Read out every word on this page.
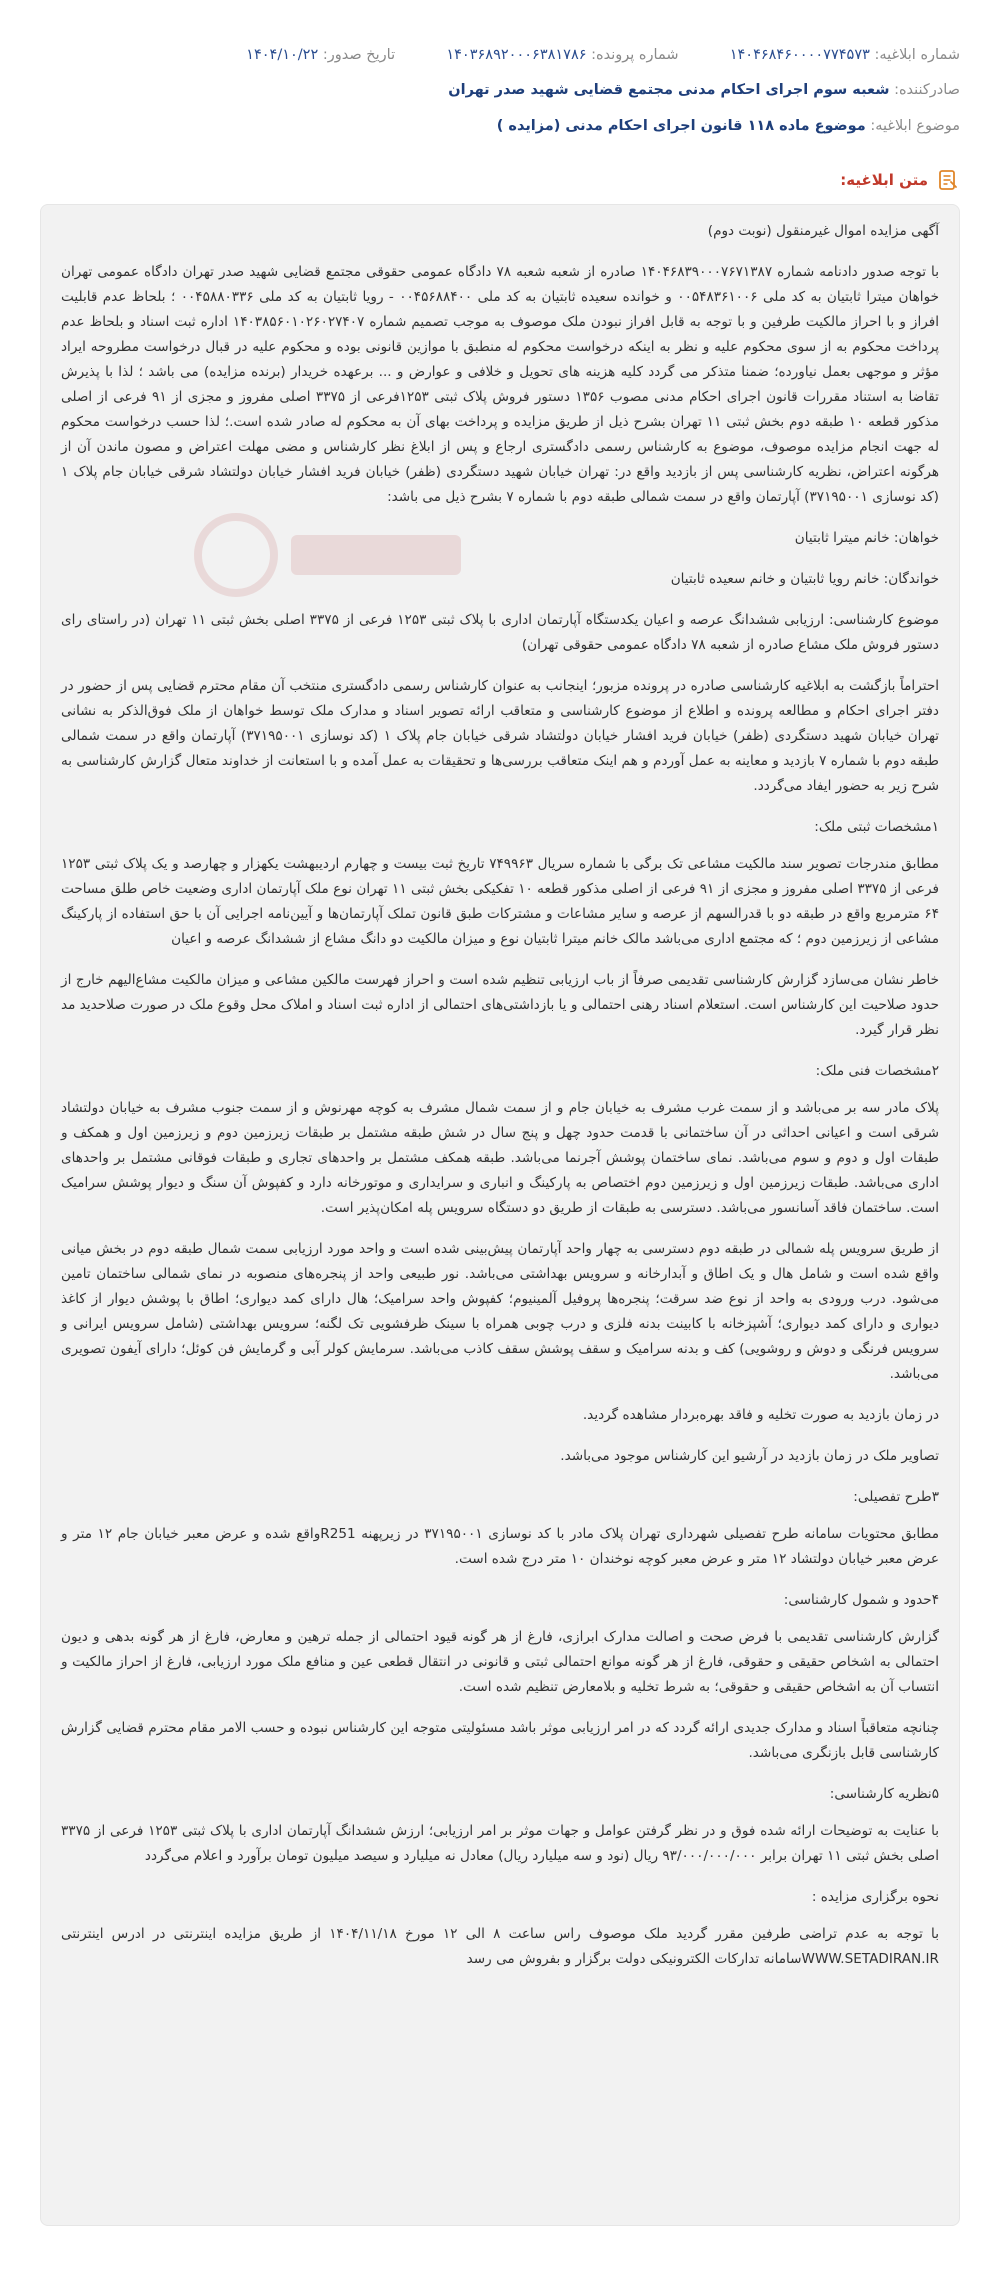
شماره ابلاغیه: ۱۴۰۴۶۸۴۶۰۰۰۰۷۷۴۵۷۳  شماره پرونده: ۱۴۰۳۶۸۹۲۰۰۰۶۳۸۱۷۸۶  تاریخ صدور: ۱۴۰۴/۱۰/۲۲
صادرکننده: شعبه سوم اجرای احکام مدنی مجتمع قضایی شهید صدر تهران
موضوع ابلاغیه: موضوع ماده ۱۱۸ قانون اجرای احکام مدنی (مزایده )
متن ابلاغیه:

آگهی مزایده اموال غیرمنقول (نوبت دوم)

با توجه صدور دادنامه شماره ۱۴۰۴۶۸۳۹۰۰۰۷۶۷۱۳۸۷ صادره از شعبه شعبه ۷۸ دادگاه عمومی حقوقی مجتمع قضایی شهید صدر تهران دادگاه عمومی تهران خواهان میترا ثابتیان به کد ملی ۰۰۵۴۸۳۶۱۰۰۶ و خوانده سعیده ثابتیان به کد ملی ۰۰۴۵۶۸۸۴۰۰ - رویا ثابتیان به کد ملی ۰۰۴۵۸۸۰۳۳۶ ؛ بلحاظ عدم قابلیت افراز و با احراز مالکیت طرفین و با توجه به قابل افراز نبودن ملک موصوف به موجب تصمیم شماره ۱۴۰۳۸۵۶۰۱۰۲۶۰۲۷۴۰۷ اداره ثبت اسناد و بلحاظ عدم پرداخت محکوم به از سوی محکوم علیه و نظر به اینکه درخواست محکوم له منطبق با موازین قانونی بوده و محکوم علیه در قبال درخواست مطروحه ایراد مؤثر و موجهی بعمل نیاورده؛ ضمنا متذکر می گردد کلیه هزینه های تحویل و خلافی و عوارض و ... برعهده خریدار (برنده مزایده) می باشد ؛ لذا با پذیرش تقاضا به استناد مقررات قانون اجرای احکام مدنی مصوب ۱۳۵۶ دستور فروش پلاک ثبتی ۱۲۵۳فرعی از ۳۳۷۵ اصلی مفروز و مجزی از ۹۱ فرعی از اصلی مذکور قطعه ۱۰ طبقه دوم بخش ثبتی ۱۱ تهران بشرح ذیل از طریق مزایده و پرداخت بهای آن به محکوم له صادر شده است.؛ لذا حسب درخواست محکوم له جهت انجام مزایده موصوف، موضوع به کارشناس رسمی دادگستری ارجاع و پس از ابلاغ نظر کارشناس و مضی مهلت اعتراض و مصون ماندن آن از هرگونه اعتراض، نظریه کارشناسی پس از بازدید واقع در: تهران خیابان شهید دستگردی (ظفر) خیابان فرید افشار خیابان دولتشاد شرقی خیابان جام پلاک ۱ (کد نوسازی ۳۷۱۹۵۰۰۱) آپارتمان واقع در سمت شمالی طبقه دوم با شماره ۷ بشرح ذیل می باشد:

خواهان: خانم میترا ثابتیان

خواندگان: خانم رویا ثابتیان و خانم سعیده ثابتیان

موضوع کارشناسی: ارزیابی ششدانگ عرصه و اعیان یکدستگاه آپارتمان اداری با پلاک ثبتی ۱۲۵۳ فرعی از ۳۳۷۵ اصلی بخش ثبتی ۱۱ تهران (در راستای رای دستور فروش ملک مشاع صادره از شعبه ۷۸ دادگاه عمومی حقوقی تهران)

احتراماً بازگشت به ابلاغیه کارشناسی صادره در پرونده مزبور؛ اینجانب به عنوان کارشناس رسمی دادگستری منتخب آن مقام محترم قضایی پس از حضور در دفتر اجرای احکام و مطالعه پرونده و اطلاع از موضوع کارشناسی و متعاقب ارائه تصویر اسناد و مدارک ملک توسط خواهان از ملک فوق‌الذکر به نشانی تهران خیابان شهید دستگردی (ظفر) خیابان فرید افشار خیابان دولتشاد شرقی خیابان جام پلاک ۱ (کد نوسازی ۳۷۱۹۵۰۰۱) آپارتمان واقع در سمت شمالی طبقه دوم با شماره ۷ بازدید و معاینه به عمل آوردم و هم اینک متعاقب بررسی‌ها و تحقیقات به عمل آمده و با استعانت از خداوند متعال گزارش کارشناسی به شرح زیر به حضور ایفاد می‌گردد.

۱مشخصات ثبتی ملک:

مطابق مندرجات تصویر سند مالکیت مشاعی تک برگی با شماره سریال ۷۴۹۹۶۳ تاریخ ثبت بیست و چهارم اردیبهشت یکهزار و چهارصد و یک پلاک ثبتی ۱۲۵۳ فرعی از ۳۳۷۵ اصلی مفروز و مجزی از ۹۱ فرعی از اصلی مذکور قطعه ۱۰ تفکیکی بخش ثبتی ۱۱ تهران نوع ملک آپارتمان اداری وضعیت خاص طلق مساحت ۶۴ مترمربع واقع در طبقه دو با قدرالسهم از عرصه و سایر مشاعات و مشترکات طبق قانون تملک آپارتمان‌ها و آیین‌نامه اجرایی آن با حق استفاده از پارکینگ مشاعی از زیرزمین دوم ؛ که مجتمع اداری می‌باشد مالک خانم میترا ثابتیان نوع و میزان مالکیت دو دانگ مشاع از ششدانگ عرصه و اعیان

خاطر نشان می‌سازد گزارش کارشناسی تقدیمی صرفاً از باب ارزیابی تنظیم شده است و احراز فهرست مالکین مشاعی و میزان مالکیت مشاع‌الیهم خارج از حدود صلاحیت این کارشناس است. استعلام اسناد رهنی احتمالی و یا بازداشتی‌های احتمالی از اداره ثبت اسناد و املاک محل وقوع ملک در صورت صلاحدید مد نظر قرار گیرد.

۲مشخصات فنی ملک:

پلاک مادر سه بر می‌باشد و از سمت غرب مشرف به خیابان جام و از سمت شمال مشرف به کوچه مهرنوش و از سمت جنوب مشرف به خیابان دولتشاد شرقی است و اعیانی احداثی در آن ساختمانی با قدمت حدود چهل و پنج سال در شش طبقه مشتمل بر طبقات زیرزمین دوم و زیرزمین اول و همکف و طبقات اول و دوم و سوم می‌باشد. نمای ساختمان پوشش آجرنما می‌باشد. طبقه همکف مشتمل بر واحدهای تجاری و طبقات فوقانی مشتمل بر واحدهای اداری می‌باشد. طبقات زیرزمین اول و زیرزمین دوم اختصاص به پارکینگ و انباری و سرایداری و موتورخانه دارد و کفپوش آن سنگ و دیوار پوشش سرامیک است. ساختمان فاقد آسانسور می‌باشد. دسترسی به طبقات از طریق دو دستگاه سرویس پله امکان‌پذیر است.

از طریق سرویس پله شمالی در طبقه دوم دسترسی به چهار واحد آپارتمان پیش‌بینی شده است و واحد مورد ارزیابی سمت شمال طبقه دوم در بخش میانی واقع شده است و شامل هال و یک اطاق و آبدارخانه و سرویس بهداشتی می‌باشد. نور طبیعی واحد از پنجره‌های منصوبه در نمای شمالی ساختمان تامین می‌شود. درب ورودی به واحد از نوع ضد سرقت؛ پنجره‌ها پروفیل آلمینیوم؛ کفپوش واحد سرامیک؛ هال دارای کمد دیواری؛ اطاق با پوشش دیوار از کاغذ دیواری و دارای کمد دیواری؛ آشپزخانه با کابینت بدنه فلزی و درب چوبی همراه با سینک ظرفشویی تک لگنه؛ سرویس بهداشتی (شامل سرویس ایرانی و سرویس فرنگی و دوش و روشویی) کف و بدنه سرامیک و سقف پوشش سقف کاذب می‌باشد. سرمایش کولر آبی و گرمایش فن کوئل؛ دارای آیفون تصویری می‌باشد.

در زمان بازدید به صورت تخلیه و فاقد بهره‌بردار مشاهده گردید.

تصاویر ملک در زمان بازدید در آرشیو این کارشناس موجود می‌باشد.

۳طرح تفصیلی:

مطابق محتویات سامانه طرح تفصیلی شهرداری تهران پلاک مادر با کد نوسازی ۳۷۱۹۵۰۰۱ در زیرپهنه R251واقع شده و عرض معبر خیابان جام ۱۲ متر و عرض معبر خیابان دولتشاد ۱۲ متر و عرض معبر کوچه نوخندان ۱۰ متر درج شده است.

۴حدود و شمول کارشناسی:

گزارش کارشناسی تقدیمی با فرض صحت و اصالت مدارک ابرازی، فارغ از هر گونه قیود احتمالی از جمله ترهین و معارض، فارغ از هر گونه بدهی و دیون احتمالی به اشخاص حقیقی و حقوقی، فارغ از هر گونه موانع احتمالی ثبتی و قانونی در انتقال قطعی عین و منافع ملک مورد ارزیابی، فارغ از احراز مالکیت و انتساب آن به اشخاص حقیقی و حقوقی؛ به شرط تخلیه و بلامعارض تنظیم شده است.

چنانچه متعاقباً اسناد و مدارک جدیدی ارائه گردد که در امر ارزیابی موثر باشد مسئولیتی متوجه این کارشناس نبوده و حسب الامر مقام محترم قضایی گزارش کارشناسی قابل بازنگری می‌باشد.

۵نظریه کارشناسی:

با عنایت به توضیحات ارائه شده فوق و در نظر گرفتن عوامل و جهات موثر بر امر ارزیابی؛ ارزش ششدانگ آپارتمان اداری با پلاک ثبتی ۱۲۵۳ فرعی از ۳۳۷۵ اصلی بخش ثبتی ۱۱ تهران برابر ۹۳/۰۰۰/۰۰۰/۰۰۰ ریال (نود و سه میلیارد ریال) معادل نه میلیارد و سیصد میلیون تومان برآورد و اعلام می‌گردد

نحوه برگزاری مزایده :

با توجه به عدم تراضی طرفین مقرر گردید ملک موصوف راس ساعت ۸ الی ۱۲ مورخ ۱۴۰۴/۱۱/۱۸ از طریق مزایده اینترنتی در ادرس اینترنتی WWW.SETADIRAN.IRسامانه تدارکات الکترونیکی دولت برگزار و بفروش می رسد
